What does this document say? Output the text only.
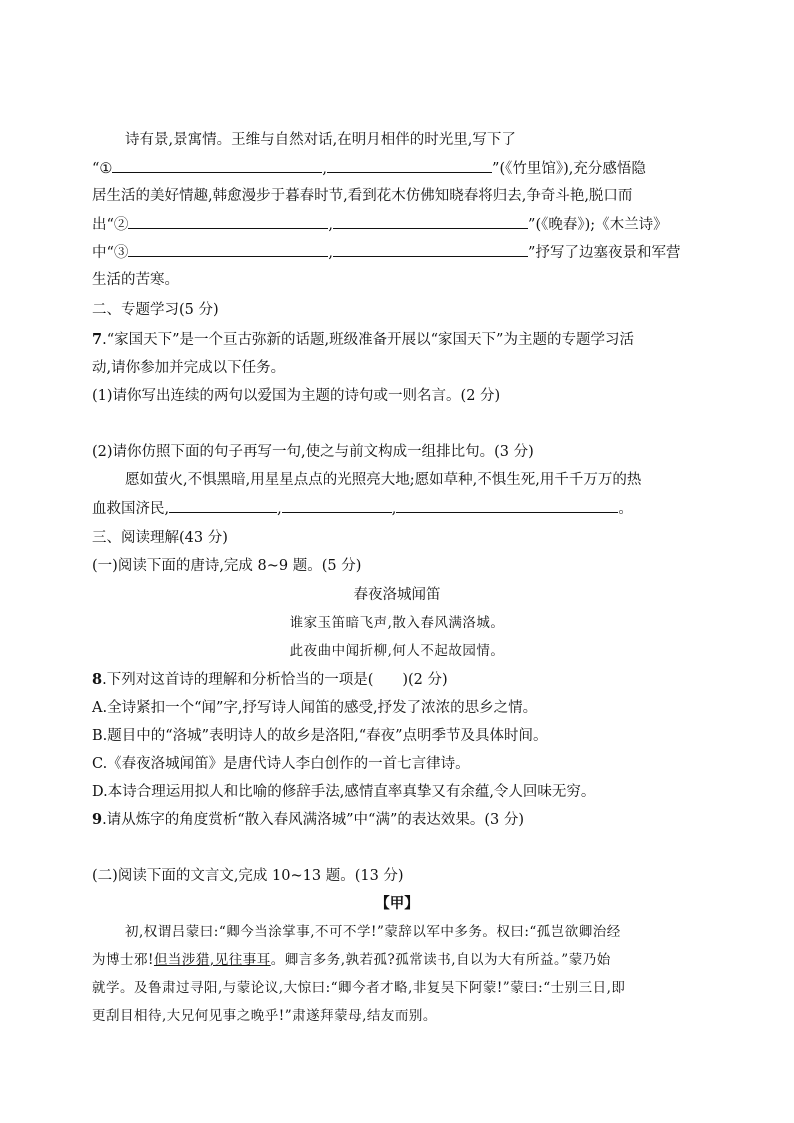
诗有景,景寓情。王维与自然对话,在明月相伴的时光里,写下了
“①	,	”(《竹里馆》),充分感悟隐
居生活的美好情趣,韩愈漫步于暮春时节,看到花木仿佛知晓春将归去,争奇斗艳,脱口而
出“②	,	”(《晚春》);《木兰诗》
中“③	,	”抒写了边塞夜景和军营
生活的苦寒。
二、专题学习(5 分)
7.“家国天下”是一个亘古弥新的话题,班级准备开展以“家国天下”为主题的专题学习活
动,请你参加并完成以下任务。
(1)请你写出连续的两句以爱国为主题的诗句或一则名言。(2 分)
(2)请你仿照下面的句子再写一句,使之与前文构成一组排比句。(3 分)
愿如萤火,不惧黑暗,用星星点点的光照亮大地;愿如草种,不惧生死,用千千万万的热
血救国济民,	,	,	。
三、阅读理解(43 分)
(一)阅读下面的唐诗,完成 8~9 题。(5 分)
春夜洛城闻笛
谁家玉笛暗飞声,散入春风满洛城。
此夜曲中闻折柳,何人不起故园情。
8.下列对这首诗的理解和分析恰当的一项是(　　)(2 分)
A.全诗紧扣一个“闻”字,抒写诗人闻笛的感受,抒发了浓浓的思乡之情。
B.题目中的“洛城”表明诗人的故乡是洛阳,“春夜”点明季节及具体时间。
C.《春夜洛城闻笛》是唐代诗人李白创作的一首七言律诗。
D.本诗合理运用拟人和比喻的修辞手法,感情直率真挚又有余蕴,令人回味无穷。
9.请从炼字的角度赏析“散入春风满洛城”中“满”的表达效果。(3 分)
(二)阅读下面的文言文,完成 10~13 题。(13 分)
【甲】
初,权谓吕蒙曰:“卿今当涂掌事,不可不学!”蒙辞以军中多务。权曰:“孤岂欲卿治经
为博士邪!但当涉猎,见往事耳。卿言多务,孰若孤?孤常读书,自以为大有所益。”蒙乃始
就学。及鲁肃过寻阳,与蒙论议,大惊曰:“卿今者才略,非复吴下阿蒙!”蒙曰:“士别三日,即
更刮目相待,大兄何见事之晚乎!”肃遂拜蒙母,结友而别。
